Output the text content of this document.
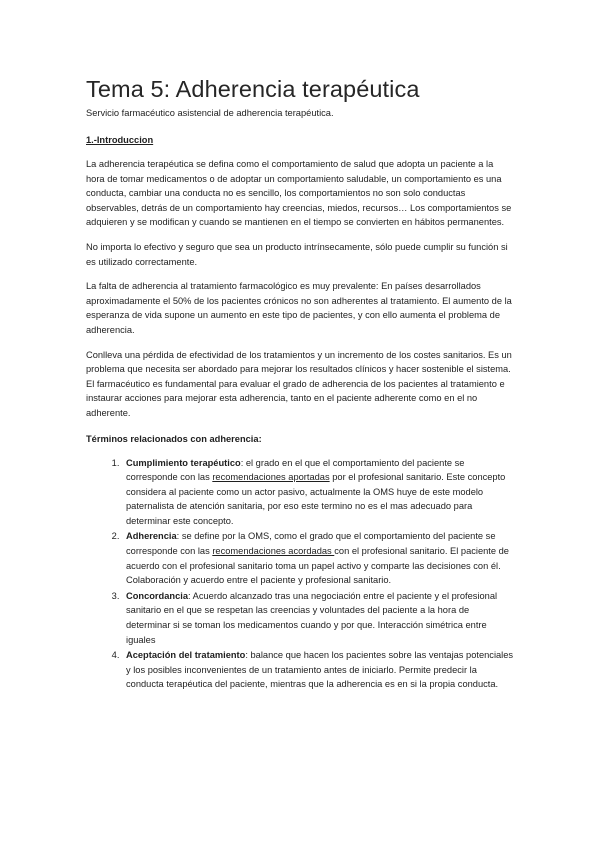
Tema 5: Adherencia terapéutica
Servicio farmacéutico asistencial de adherencia terapéutica.
1.-Introduccion

La adherencia terapéutica se defina como el comportamiento de salud que adopta un paciente a la hora de tomar medicamentos o de adoptar un comportamiento saludable, un comportamiento es una conducta, cambiar una conducta no es sencillo, los comportamientos no son solo conductas observables, detrás de un comportamiento hay creencias, miedos, recursos… Los comportamientos se adquieren y se modifican y cuando se mantienen en el tiempo se convierten en hábitos permanentes.

No importa lo efectivo y seguro que sea un producto intrínsecamente, sólo puede cumplir su función si es utilizado correctamente.

La falta de adherencia al tratamiento farmacológico es muy prevalente: En países desarrollados aproximadamente el 50% de los pacientes crónicos no son adherentes al tratamiento. El aumento de la esperanza de vida supone un aumento en este tipo de pacientes, y con ello aumenta el problema de adherencia.

Conlleva una pérdida de efectividad de los tratamientos y un incremento de los costes sanitarios. Es un problema que necesita ser abordado para mejorar los resultados clínicos y hacer sostenible el sistema. El farmacéutico es fundamental para evaluar el grado de adherencia de los pacientes al tratamiento e instaurar acciones para mejorar esta adherencia, tanto en el paciente adherente como en el no adherente.

Términos relacionados con adherencia:
1. Cumplimiento terapéutico: el grado en el que el comportamiento del paciente se corresponde con las recomendaciones aportadas por el profesional sanitario. Este concepto considera al paciente como un actor pasivo, actualmente la OMS huye de este modelo paternalista de atención sanitaria, por eso este termino no es el mas adecuado para determinar este concepto.
2. Adherencia: se define por la OMS, como el grado que el comportamiento del paciente se corresponde con las recomendaciones acordadas con el profesional sanitario. El paciente de acuerdo con el profesional sanitario toma un papel activo y comparte las decisiones con él. Colaboración y acuerdo entre el paciente y profesional sanitario.
3. Concordancia: Acuerdo alcanzado tras una negociación entre el paciente y el profesional sanitario en el que se respetan las creencias y voluntades del paciente a la hora de determinar si se toman los medicamentos cuando y por que. Interacción simétrica entre iguales
4. Aceptación del tratamiento: balance que hacen los pacientes sobre las ventajas potenciales y los posibles inconvenientes de un tratamiento antes de iniciarlo. Permite predecir la conducta terapéutica del paciente, mientras que la adherencia es en si la propia conducta.
